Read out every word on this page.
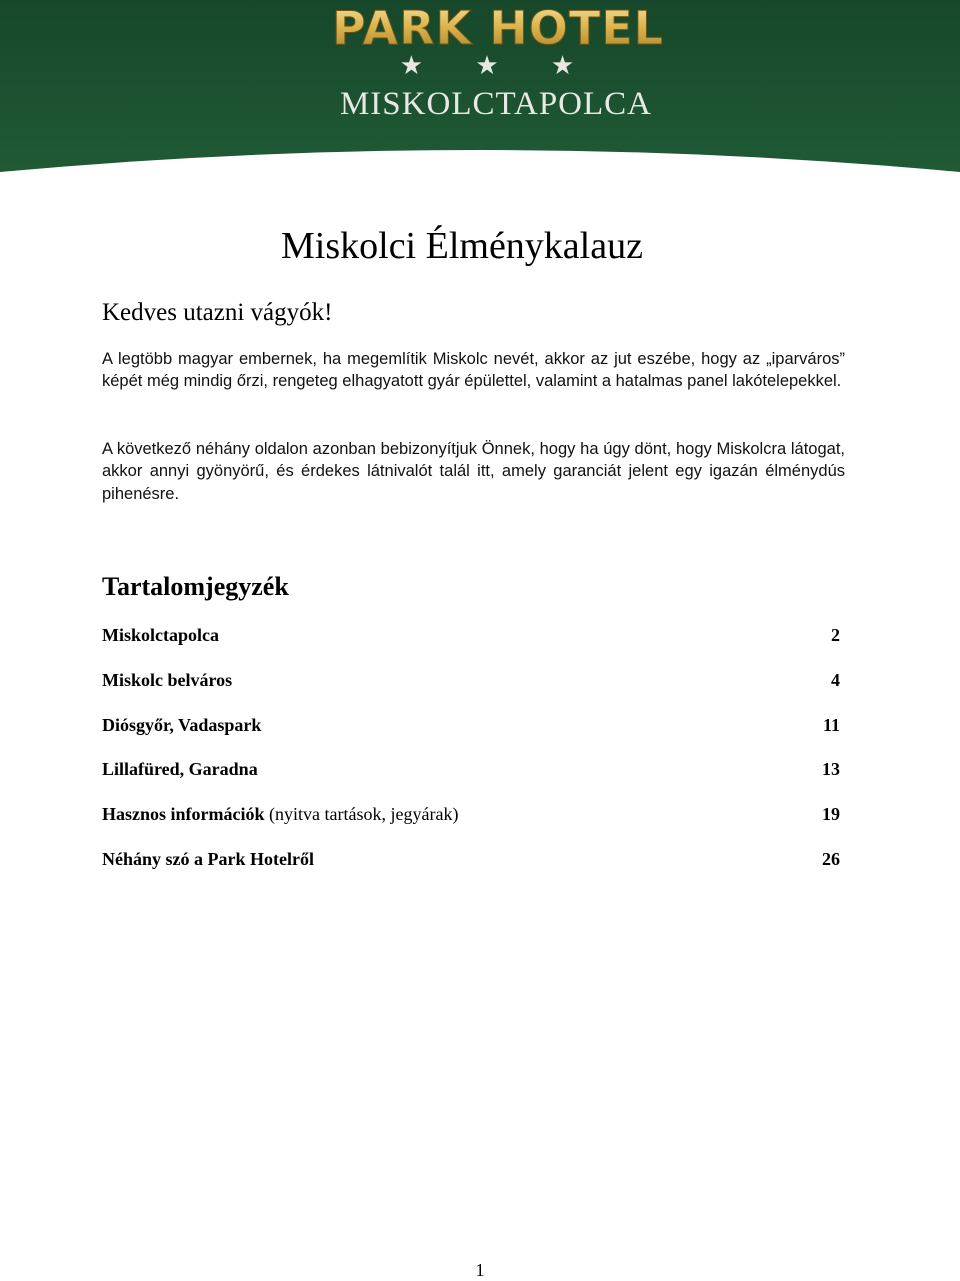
PARK HOTEL
★ ★ ★
MISKOLCTAPOLCA
Miskolci Élménykalauz
Kedves utazni vágyók!

A legtöbb magyar embernek, ha megemlítik Miskolc nevét, akkor az jut eszébe, hogy az „iparváros” képét még mindig őrzi, rengeteg elhagyatott gyár épülettel, valamint a hatalmas panel lakótelepekkel.

A következő néhány oldalon azonban bebizonyítjuk Önnek, hogy ha úgy dönt, hogy Miskolcra látogat, akkor annyi gyönyörű, és érdekes látnivalót talál itt, amely garanciát jelent egy igazán élménydús pihenésre.

Tartalomjegyzék
Miskolctapolca	2
Miskolc belváros	4
Diósgyőr, Vadaspark	11
Lillafüred, Garadna	13
Hasznos információk (nyitva tartások, jegyárak)	19
Néhány szó a Park Hotelről	26

1
